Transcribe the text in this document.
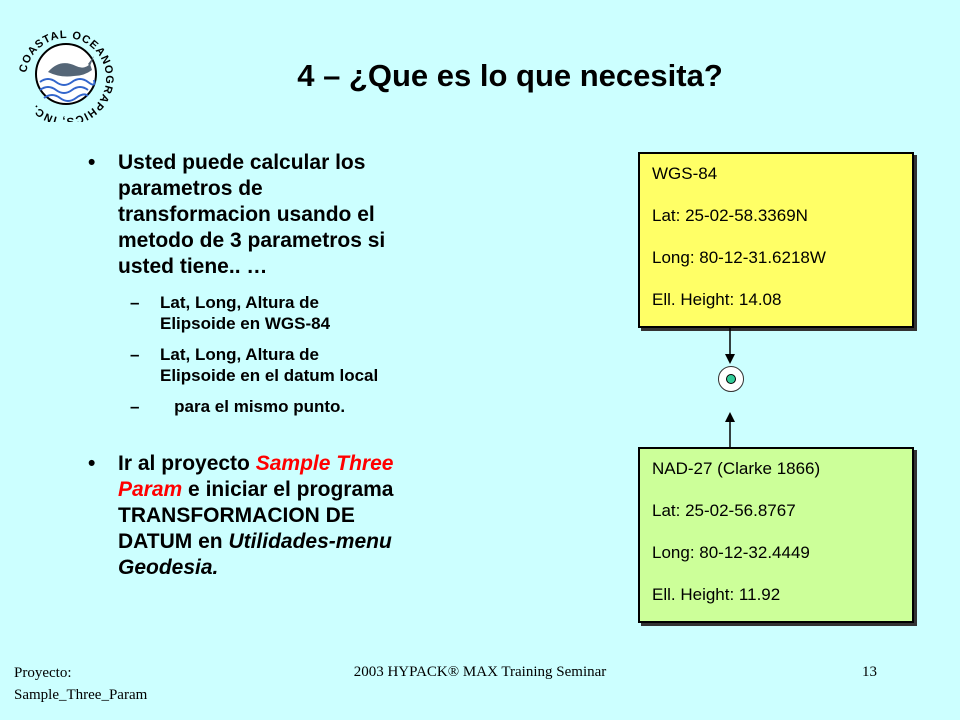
COASTAL OCEANOGRAPHICS, INC.
4 – ¿Que es lo que necesita?
• Usted puede calcular los
parametros de
transformacion usando el
metodo de 3 parametros si
usted tiene.. …
– Lat, Long, Altura de
Elipsoide en WGS-84
– Lat, Long, Altura de
Elipsoide en el datum local
– para el mismo punto.
• Ir al proyecto Sample Three
Param e iniciar el programa
TRANSFORMACION DE
DATUM en Utilidades-menu
Geodesia.
WGS-84
Lat: 25-02-58.3369N
Long: 80-12-31.6218W
Ell. Height: 14.08
NAD-27 (Clarke 1866)
Lat: 25-02-56.8767
Long: 80-12-32.4449
Ell. Height: 11.92
Proyecto:
Sample_Three_Param
2003 HYPACK® MAX Training Seminar	13
